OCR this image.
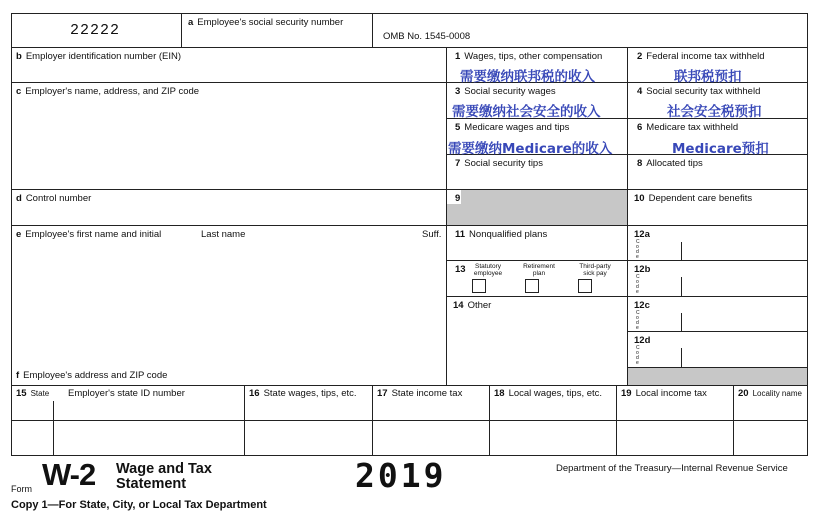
22222	a Employee's social security number
OMB No. 1545-0008
b Employer identification number (EIN)
c Employer's name, address, and ZIP code
d Control number
e Employee's first name and initial	Last name	Suff.
f Employee's address and ZIP code
1 Wages, tips, other compensation
需要缴纳联邦税的收入
3 Social security wages
需要缴纳社会安全的收入
5 Medicare wages and tips
需要缴纳Medicare的收入
7 Social security tips
9
11 Nonqualified plans
13	Statutory
employee
Retirement
plan
Third-party
sick pay
14 Other
2 Federal income tax withheld
联邦税预扣
4 Social security tax withheld
社会安全税预扣
6 Medicare tax withheld
Medicare预扣
8 Allocated tips
10 Dependent care benefits
12a
C
o
d
e
12b
C
o
d
e
12c
C
o
d
e
12d
C
o
d
e
15 State Employer's state ID number	16 State wages, tips, etc. 17 State income tax	18 Local wages, tips, etc. 19 Local income tax	20 Locality name
Form W-2 Wage and Tax
Statement	2019	Department of the Treasury—Internal Revenue Service
Copy 1—For State, City, or Local Tax Department
